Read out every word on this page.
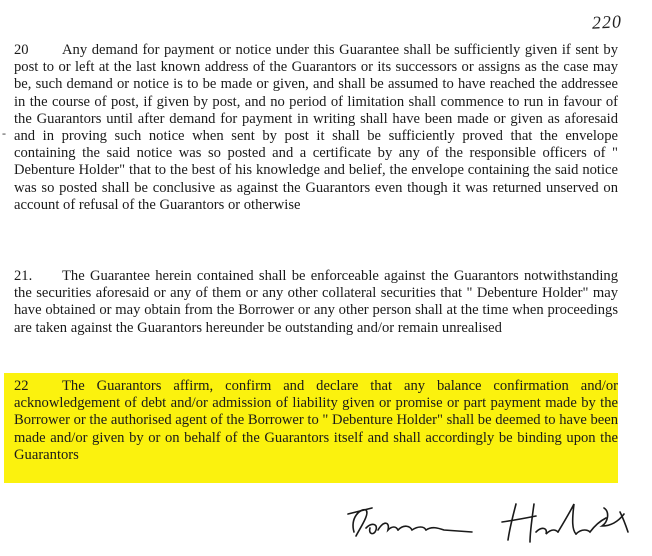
220
-

20 Any demand for payment or notice under this Guarantee shall be sufficiently given if sent by post to or left at the last known address of the Guarantors or its successors or assigns as the case may be, such demand or notice is to be made or given, and shall be assumed to have reached the addressee in the course of post, if given by post, and no period of limitation shall commence to run in favour of the Guarantors until after demand for payment in writing shall have been made or given as aforesaid and in proving such notice when sent by post it shall be sufficiently proved that the envelope containing the said notice was so posted and a certificate by any of the responsible officers of " Debenture Holder" that to the best of his knowledge and belief, the envelope containing the said notice was so posted shall be conclusive as against the Guarantors even though it was returned unserved on account of refusal of the Guarantors or otherwise

21. The Guarantee herein contained shall be enforceable against the Guarantors notwithstanding the securities aforesaid or any of them or any other collateral securities that " Debenture Holder" may have obtained or may obtain from the Borrower or any other person shall at the time when proceedings are taken against the Guarantors hereunder be outstanding and/or remain unrealised

22 The Guarantors affirm, confirm and declare that any balance confirmation and/or acknowledgement of debt and/or admission of liability given or promise or part payment made by the Borrower or the authorised agent of the Borrower to " Debenture Holder" shall be deemed to have been made and/or given by or on behalf of the Guarantors itself and shall accordingly be binding upon the Guarantors
